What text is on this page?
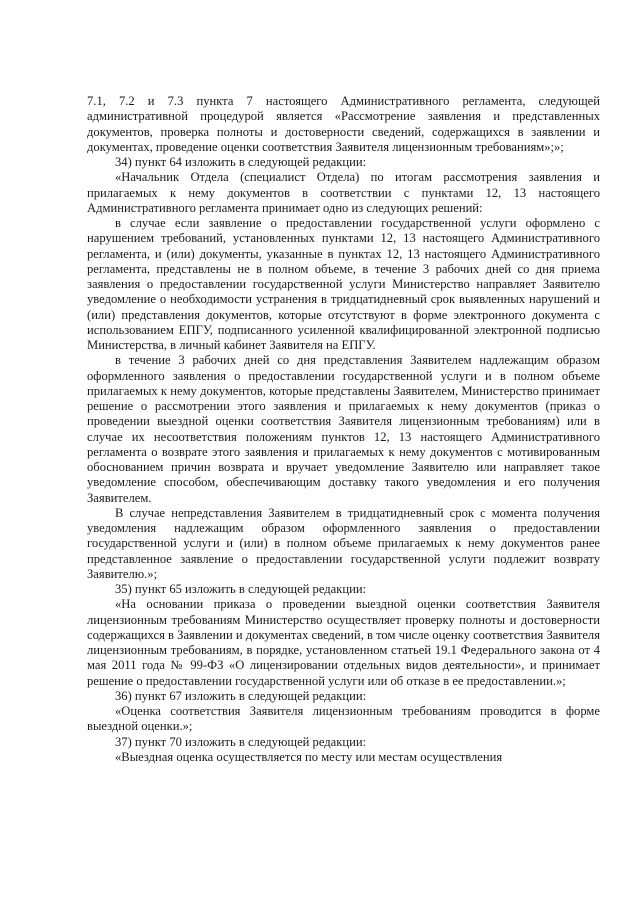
7.1, 7.2 и 7.3 пункта 7 настоящего Административного регламента, следующей административной процедурой является «Рассмотрение заявления и представленных документов, проверка полноты и достоверности сведений, содержащихся в заявлении и документах, проведение оценки соответствия Заявителя лицензионным требованиям»;»;

34) пункт 64 изложить в следующей редакции:

«Начальник Отдела (специалист Отдела) по итогам рассмотрения заявления и прилагаемых к нему документов в соответствии с пунктами 12, 13 настоящего Административного регламента принимает одно из следующих решений:

в случае если заявление о предоставлении государственной услуги оформлено с нарушением требований, установленных пунктами 12, 13 настоящего Административного регламента, и (или) документы, указанные в пунктах 12, 13 настоящего Административного регламента, представлены не в полном объеме, в течение 3 рабочих дней со дня приема заявления о предоставлении государственной услуги Министерство направляет Заявителю уведомление о необходимости устранения в тридцатидневный срок выявленных нарушений и (или) представления документов, которые отсутствуют в форме электронного документа с использованием ЕПГУ, подписанного усиленной квалифицированной электронной подписью Министерства, в личный кабинет Заявителя на ЕПГУ.

в течение 3 рабочих дней со дня представления Заявителем надлежащим образом оформленного заявления о предоставлении государственной услуги и в полном объеме прилагаемых к нему документов, которые представлены Заявителем, Министерство принимает решение о рассмотрении этого заявления и прилагаемых к нему документов (приказ о проведении выездной оценки соответствия Заявителя лицензионным требованиям) или в случае их несоответствия положениям пунктов 12, 13 настоящего Административного регламента о возврате этого заявления и прилагаемых к нему документов с мотивированным обоснованием причин возврата и вручает уведомление Заявителю или направляет такое уведомление способом, обеспечивающим доставку такого уведомления и его получения Заявителем.

В случае непредставления Заявителем в тридцатидневный срок с момента получения уведомления надлежащим образом оформленного заявления о предоставлении государственной услуги и (или) в полном объеме прилагаемых к нему документов ранее представленное заявление о предоставлении государственной услуги подлежит возврату Заявителю.»;

35) пункт 65 изложить в следующей редакции:

«На основании приказа о проведении выездной оценки соответствия Заявителя лицензионным требованиям Министерство осуществляет проверку полноты и достоверности содержащихся в Заявлении и документах сведений, в том числе оценку соответствия Заявителя лицензионным требованиям, в порядке, установленном статьей 19.1 Федерального закона от 4 мая 2011 года № 99-ФЗ «О лицензировании отдельных видов деятельности», и принимает решение о предоставлении государственной услуги или об отказе в ее предоставлении.»;

36) пункт 67 изложить в следующей редакции:

«Оценка соответствия Заявителя лицензионным требованиям проводится в форме выездной оценки.»;

37) пункт 70 изложить в следующей редакции:

«Выездная оценка осуществляется по месту или местам осуществления
